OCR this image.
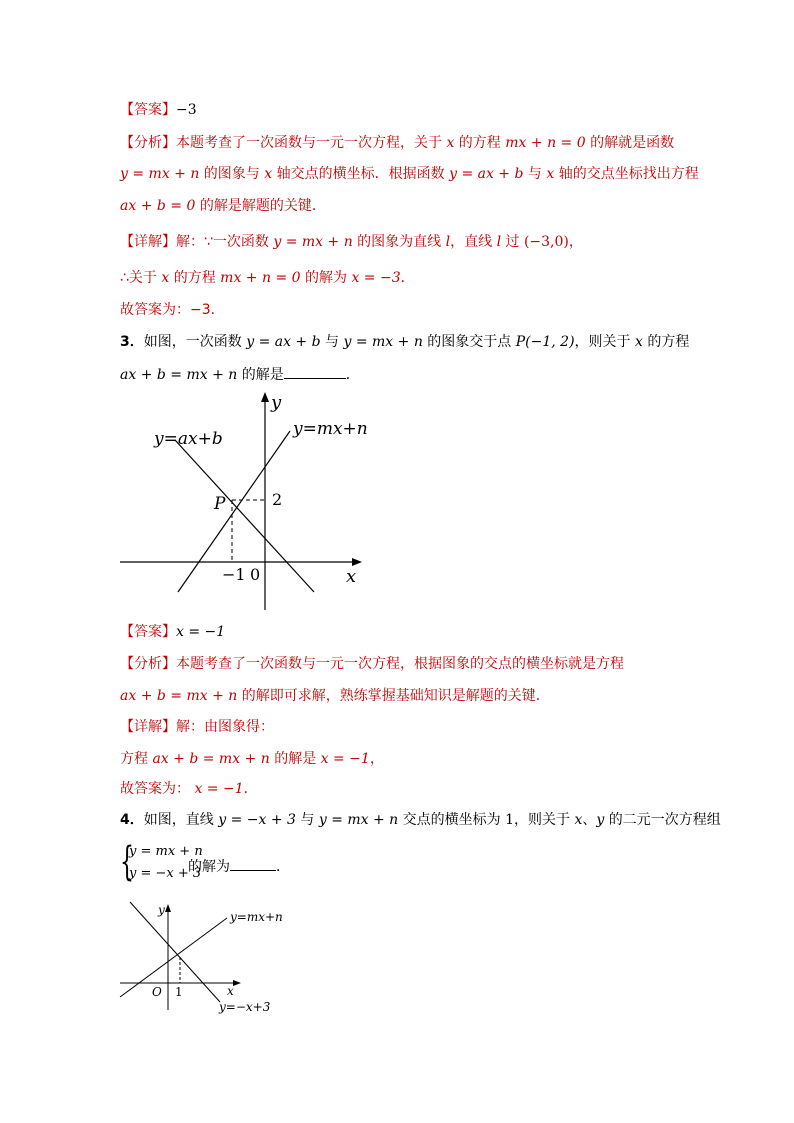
【答案】−3
【分析】本题考查了一次函数与一元一次方程，关于 x 的方程 mx + n = 0 的解就是函数
y = mx + n 的图象与 x 轴交点的横坐标．根据函数 y = ax + b 与 x 轴的交点坐标找出方程
ax + b = 0 的解是解题的关键．
【详解】解：∵一次函数 y = mx + n 的图象为直线 l，直线 l 过 (−3,0)，
∴关于 x 的方程 mx + n = 0 的解为 x = −3．
故答案为：−3．
3．如图，一次函数 y = ax + b 与 y = mx + n 的图象交于点 P(−1, 2)，则关于 x 的方程
ax + b = mx + n 的解是	．
y=ax+b	y=mx+n
P	2
−1 0	x
y
【答案】x = −1
【分析】本题考查了一次函数与一元一次方程，根据图象的交点的横坐标就是方程
ax + b = mx + n 的解即可求解，熟练掌握基础知识是解题的关键．
【详解】解：由图象得：
方程 ax + b = mx + n 的解是 x = −1，
故答案为： x = −1．
4．如图，直线 y = −x + 3 与 y = mx + n 交点的横坐标为 1，则关于 x、y 的二元一次方程组
{
y = mx + n
y = −x + 3
的解为	．
y=mx+n
y=−x+3
O 1	x
y
